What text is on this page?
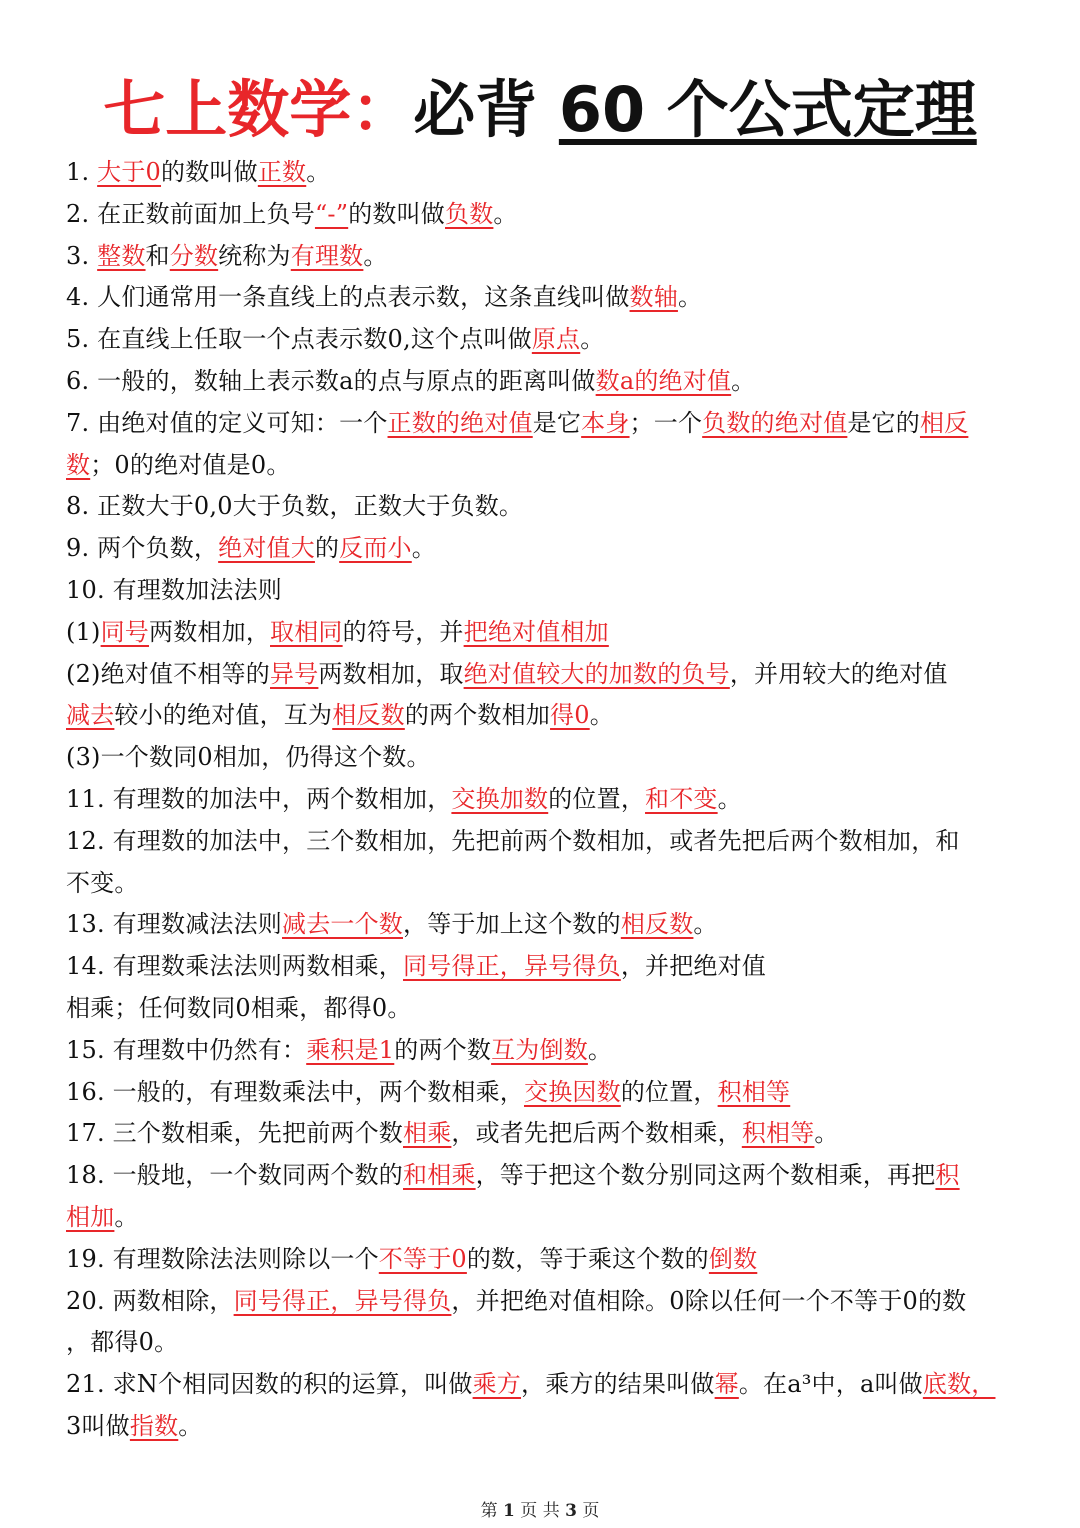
七上数学：必背 60 个公式定理
1. 大于0的数叫做正数。
2. 在正数前面加上负号“-”的数叫做负数。
3. 整数和分数统称为有理数。
4. 人们通常用一条直线上的点表示数，这条直线叫做数轴。
5. 在直线上任取一个点表示数0,这个点叫做原点。
6. 一般的，数轴上表示数a的点与原点的距离叫做数a的绝对值。
7. 由绝对值的定义可知：一个正数的绝对值是它本身；一个负数的绝对值是它的相反
数；0的绝对值是0。
8. 正数大于0,0大于负数，正数大于负数。
9. 两个负数，绝对值大的反而小。
10. 有理数加法法则
(1)同号两数相加，取相同的符号，并把绝对值相加
(2)绝对值不相等的异号两数相加，取绝对值较大的加数的负号，并用较大的绝对值
减去较小的绝对值，互为相反数的两个数相加得0。
(3)一个数同0相加，仍得这个数。
11. 有理数的加法中，两个数相加，交换加数的位置，和不变。
12. 有理数的加法中，三个数相加，先把前两个数相加，或者先把后两个数相加，和
不变。
13. 有理数减法法则减去一个数，等于加上这个数的相反数。
14. 有理数乘法法则两数相乘，同号得正，异号得负，并把绝对值
相乘；任何数同0相乘，都得0。
15. 有理数中仍然有：乘积是1的两个数互为倒数。
16. 一般的，有理数乘法中，两个数相乘，交换因数的位置，积相等
17. 三个数相乘，先把前两个数相乘，或者先把后两个数相乘，积相等。
18. 一般地，一个数同两个数的和相乘，等于把这个数分别同这两个数相乘，再把积
相加。
19. 有理数除法法则除以一个不等于0的数，等于乘这个数的倒数
20. 两数相除，同号得正，异号得负，并把绝对值相除。0除以任何一个不等于0的数
，都得0。
21. 求N个相同因数的积的运算，叫做乘方，乘方的结果叫做幂。在a³中，a叫做底数，
3叫做指数。
第 1 页 共 3 页
